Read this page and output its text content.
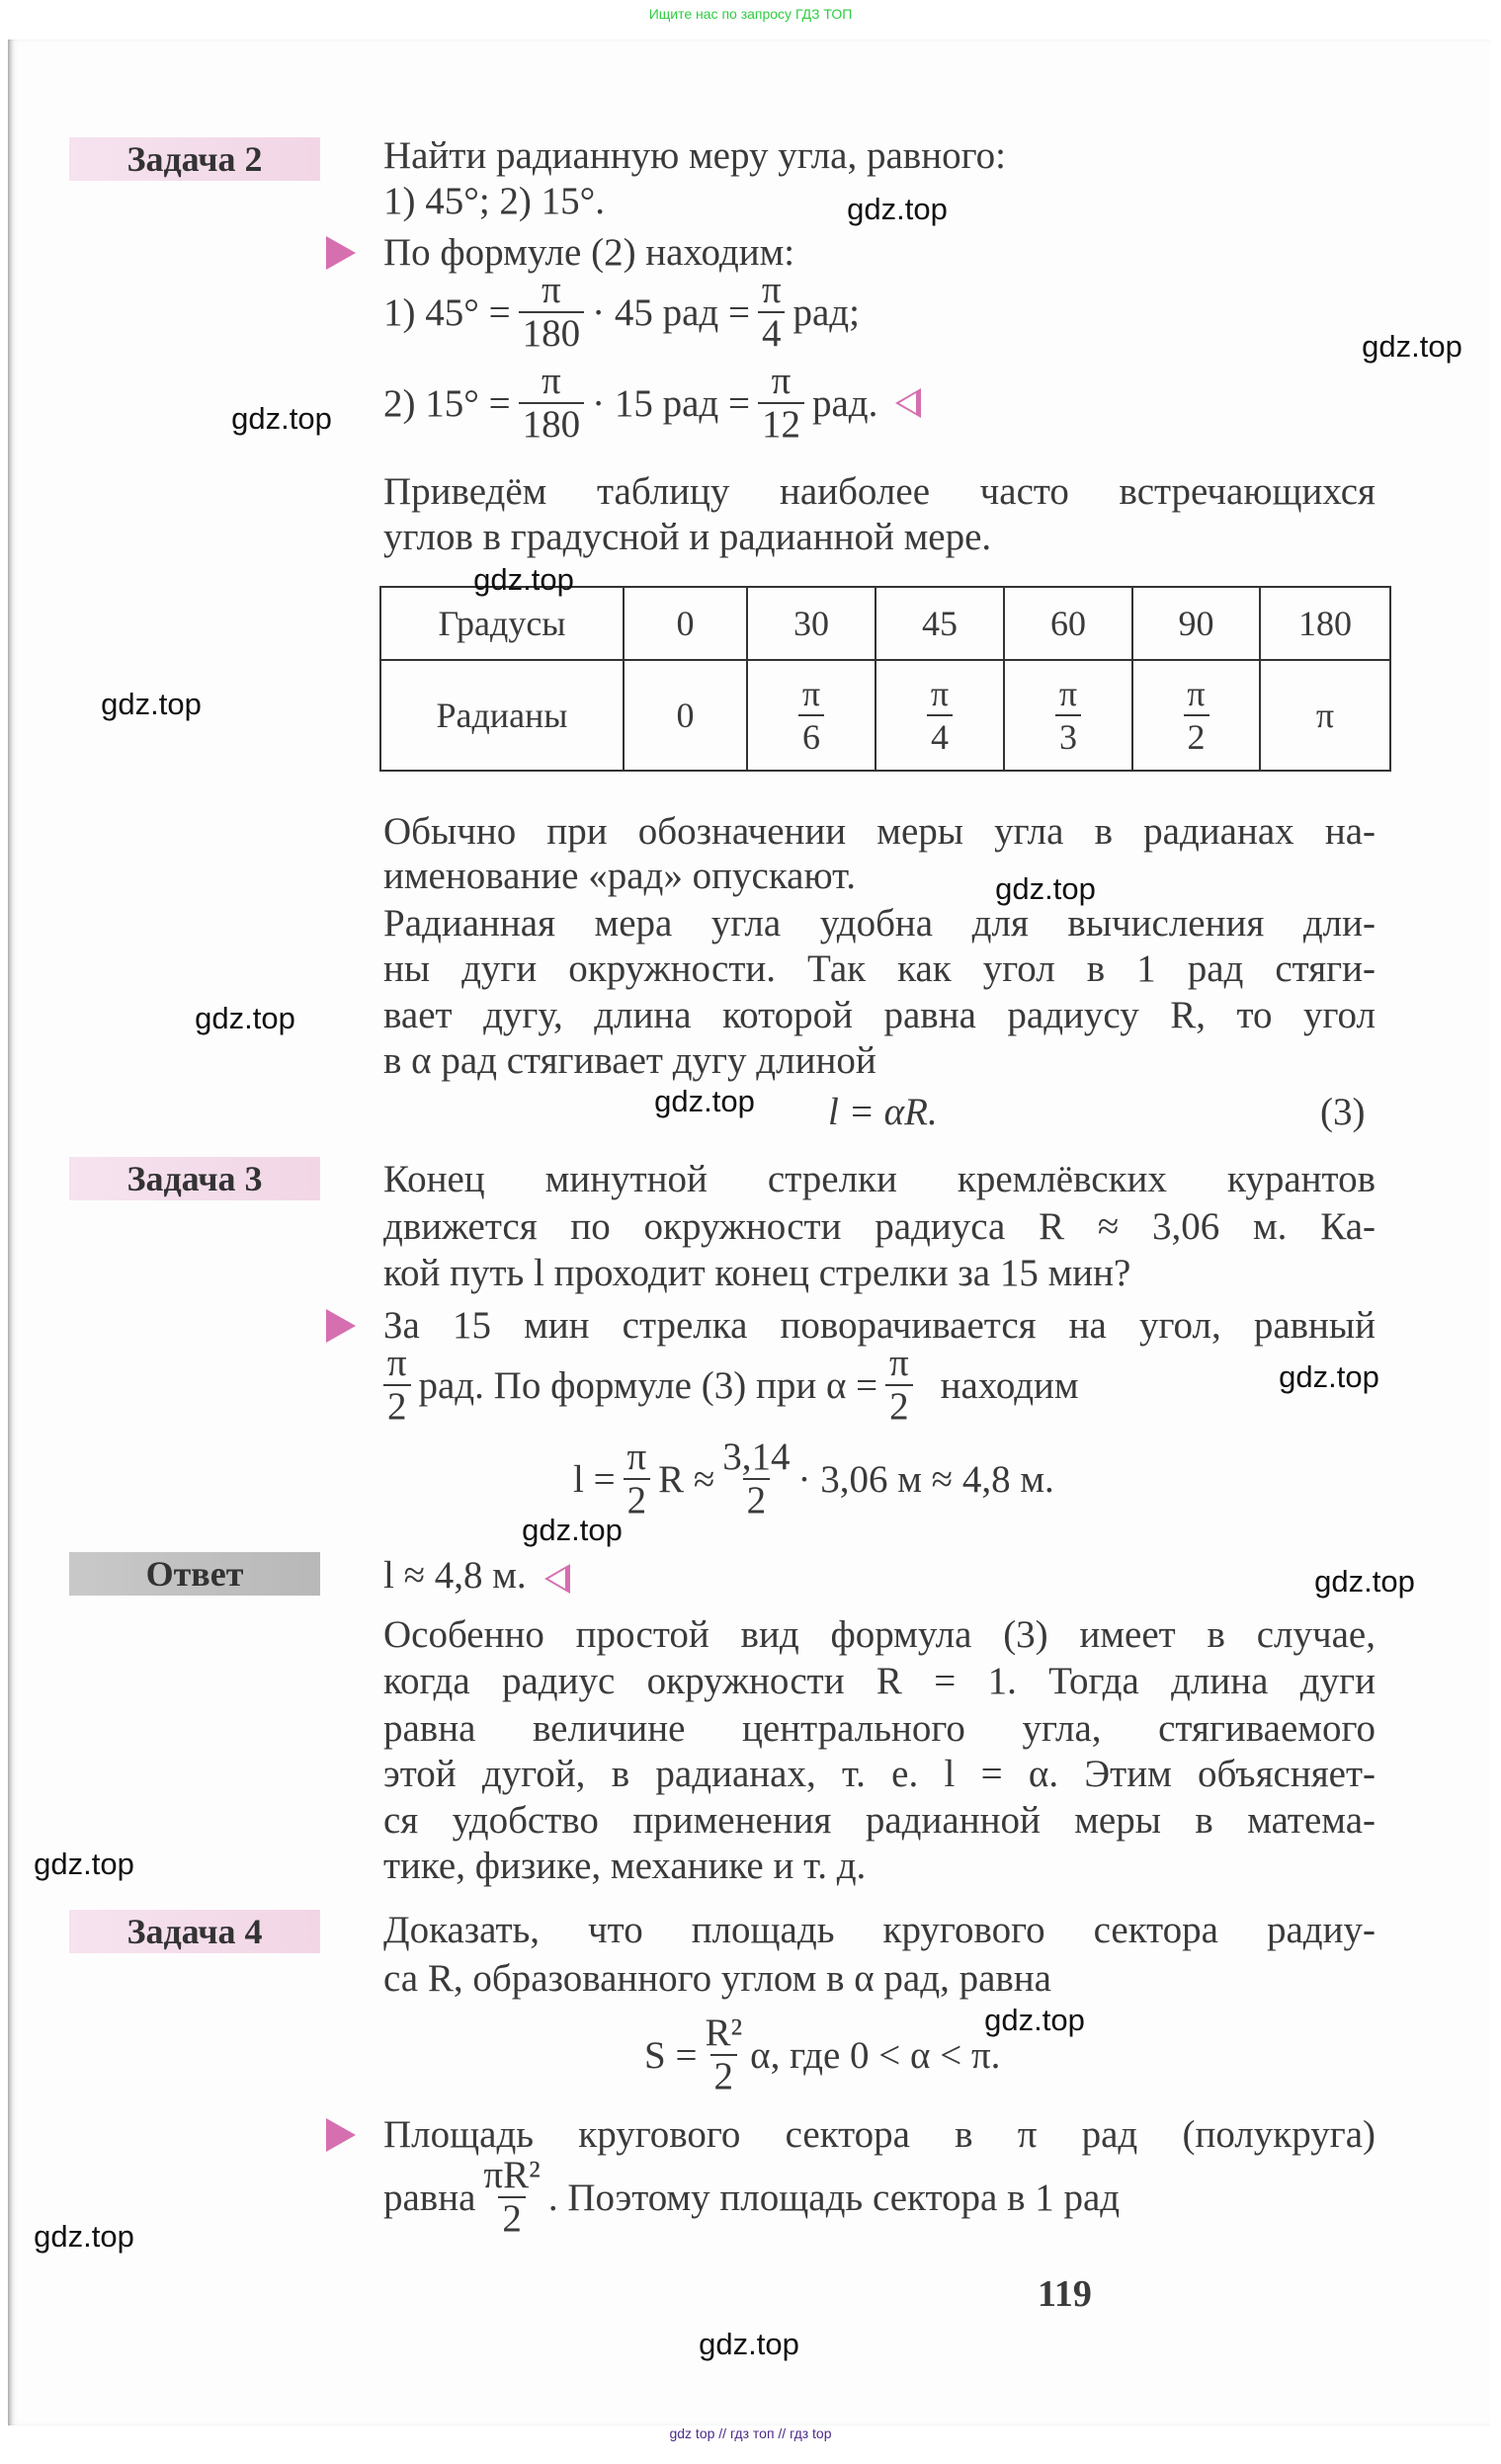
Ищите нас по запросу ГДЗ ТОП
Задача 2	Найти радианную меру угла, равного:
1) 45°; 2) 15°.
По формуле (2) находим:
1) $45^\circ = \frac{\pi}{180} \cdot 45$ рад = $\frac{\pi}{4}$ рад;
2) $15^\circ = \frac{\pi}{180} \cdot 15$ рад = $\frac{\pi}{12}$ рад.
Приведём таблицу наиболее часто встречающихся
углов в градусной и радианной мере.
Градусы	0	30	45	60	90	180
Радианы	0	$\frac{\pi}{6}$	$\frac{\pi}{4}$	$\frac{\pi}{3}$	$\frac{\pi}{2}$	π
Обычно при обозначении меры угла в радианах на-
именование «рад» опускают.
Радианная мера угла удобна для вычисления дли-
ны дуги окружности. Так как угол в 1 рад стяги-
вает дугу, длина которой равна радиусу R, то угол
в α рад стягивает дугу длиной
l = αR.	(3)
Задача 3	Конец минутной стрелки кремлёвских курантов
движется по окружности радиуса R ≈ 3,06 м. Ка-
кой путь l проходит конец стрелки за 15 мин?
За 15 мин стрелка поворачивается на угол, равный
$\frac{\pi}{2}$ рад. По формуле (3) при $\alpha = \frac{\pi}{2}$ находим
$l = \frac{\pi}{2}$ $R \approx \frac{3,14}{2} \cdot 3,06$ м ≈ 4,8 м.
Ответ	l ≈ 4,8 м.
Особенно простой вид формула (3) имеет в случае,
когда радиус окружности R = 1. Тогда длина дуги
равна величине центрального угла, стягиваемого
этой дугой, в радианах, т. е. l = α. Этим объясняет-
ся удобство применения радианной меры в матема-
тике, физике, механике и т. д.
Задача 4	Доказать, что площадь кругового сектора радиу-
са R, образованного углом в α рад, равна
$S = \frac{\text{R²}}{2} \alpha$, где 0 < α < π.
Площадь кругового сектора в π рад (полукруга)
равна $\frac{\text{πR²}}{2}$ . Поэтому площадь сектора в 1 рад
119
gdz.top
gdz.top
gdz.top
gdz.top
gdz.top
gdz.top
gdz.top
gdz.top
gdz.top
gdz.top
gdz.top
gdz.top
gdz.top
gdz.top
gdz.top
gdz top // гдз топ // гдз top
